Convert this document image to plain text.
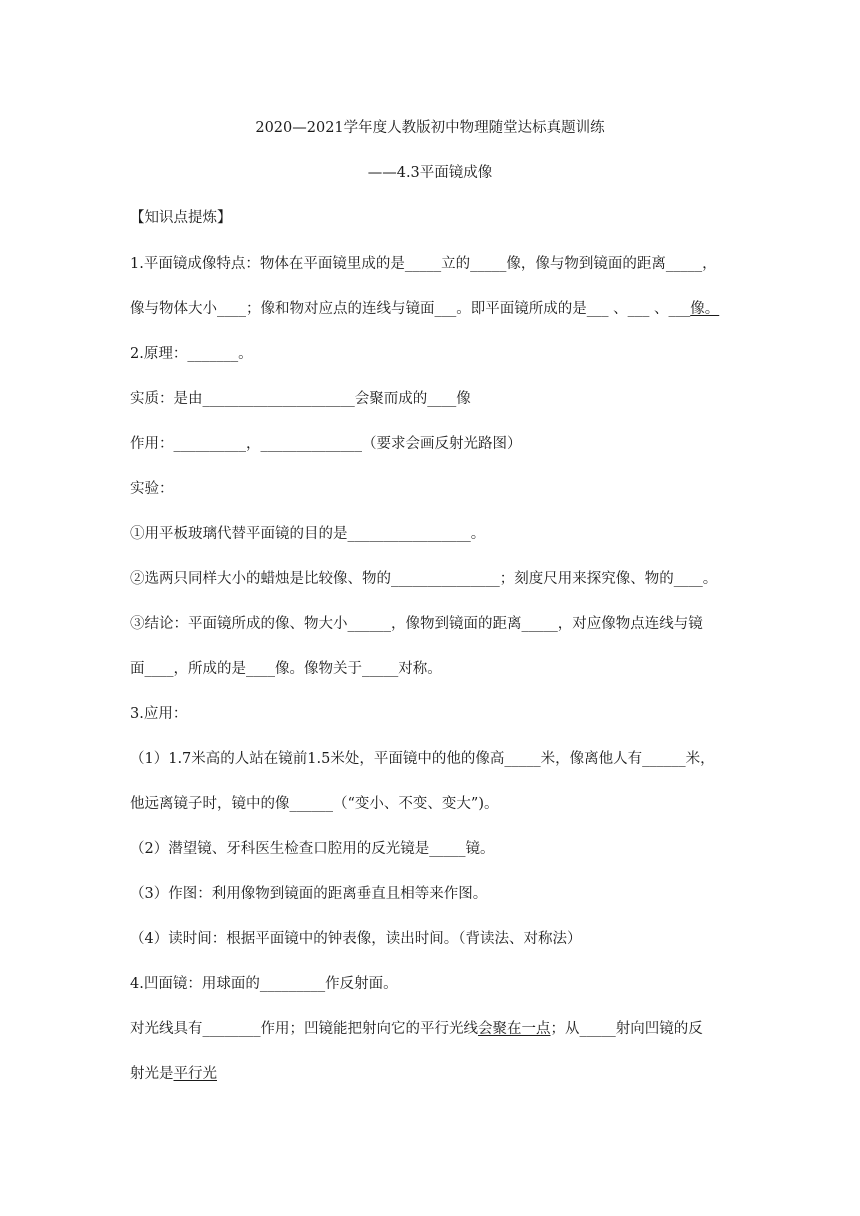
2020—2021学年度人教版初中物理随堂达标真题训练
——4.3平面镜成像
【知识点提炼】
1.平面镜成像特点：物体在平面镜里成的是_____立的_____像，像与物到镜面的距离_____，
像与物体大小____；像和物对应点的连线与镜面___。即平面镜所成的是___ 、___ 、___像。
2.原理：_______。
实质：是由_____________________会聚而成的____像
作用：__________，______________（要求会画反射光路图）
实验：
①用平板玻璃代替平面镜的目的是_________________。
②选两只同样大小的蜡烛是比较像、物的_______________；刻度尺用来探究像、物的____。
③结论：平面镜所成的像、物大小______，像物到镜面的距离_____，对应像物点连线与镜
面____，所成的是____像。像物关于_____对称。
3.应用：
（1）1.7米高的人站在镜前1.5米处，平面镜中的他的像高_____米，像离他人有______米，
他远离镜子时，镜中的像______（“变小、不变、变大”)。
（2）潜望镜、牙科医生检查口腔用的反光镜是_____镜。
（3）作图：利用像物到镜面的距离垂直且相等来作图。
（4）读时间：根据平面镜中的钟表像，读出时间。（背读法、对称法）
4.凹面镜：用球面的_________作反射面。
对光线具有________作用；凹镜能把射向它的平行光线会聚在一点；从_____射向凹镜的反
射光是平行光
